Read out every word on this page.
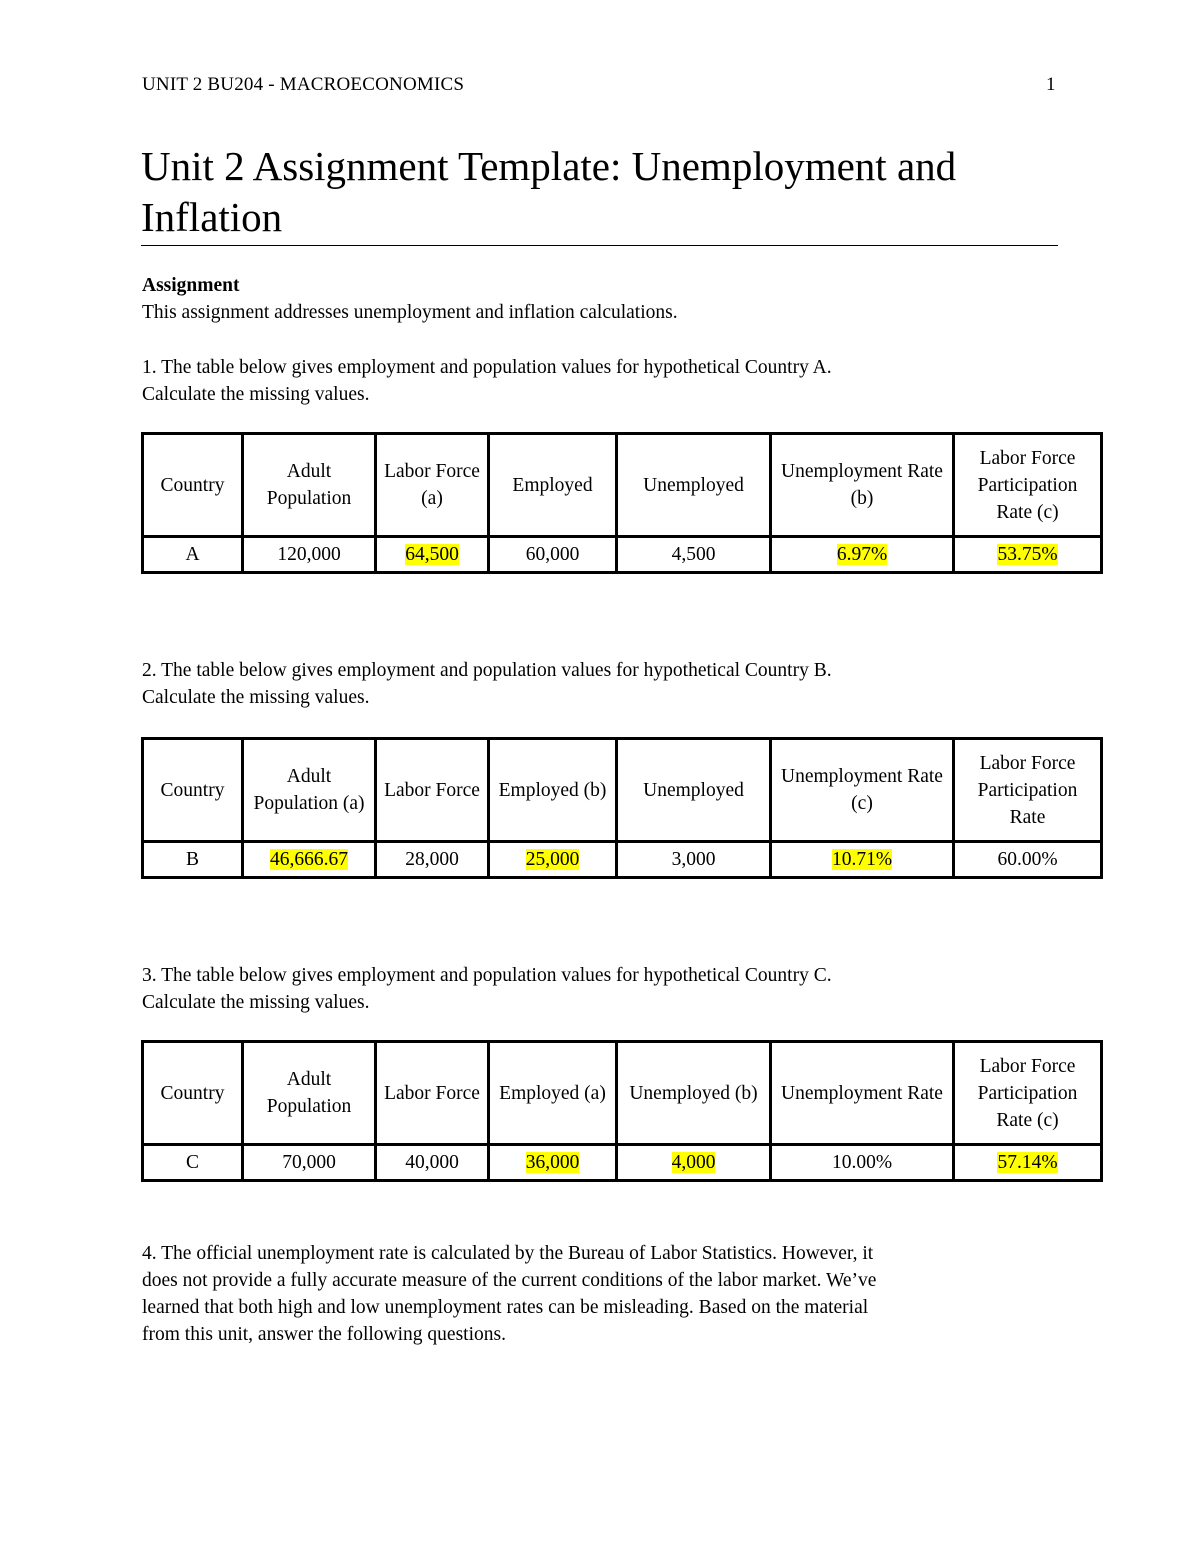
UNIT 2 BU204 - MACROECONOMICS	1
Unit 2 Assignment Template: Unemployment and Inflation

Assignment

This assignment addresses unemployment and inflation calculations.

1. The table below gives employment and population values for hypothetical Country A.

Calculate the missing values.

Country	Adult Population	Labor Force (a)	Employed	Unemployed	Unemployment Rate (b)	Labor Force Participation Rate (c)
A	120,000	64,500	60,000	4,500	6.97%	53.75%

2. The table below gives employment and population values for hypothetical Country B.

Calculate the missing values.

Country	Adult Population (a)	Labor Force	Employed (b)	Unemployed	Unemployment Rate (c)	Labor Force Participation Rate
B	46,666.67	28,000	25,000	3,000	10.71%	60.00%

3. The table below gives employment and population values for hypothetical Country C.

Calculate the missing values.

Country	Adult Population	Labor Force	Employed (a)	Unemployed (b)	Unemployment Rate	Labor Force Participation Rate (c)
C	70,000	40,000	36,000	4,000	10.00%	57.14%

4. The official unemployment rate is calculated by the Bureau of Labor Statistics. However, it

does not provide a fully accurate measure of the current conditions of the labor market. We’ve

learned that both high and low unemployment rates can be misleading. Based on the material

from this unit, answer the following questions.
